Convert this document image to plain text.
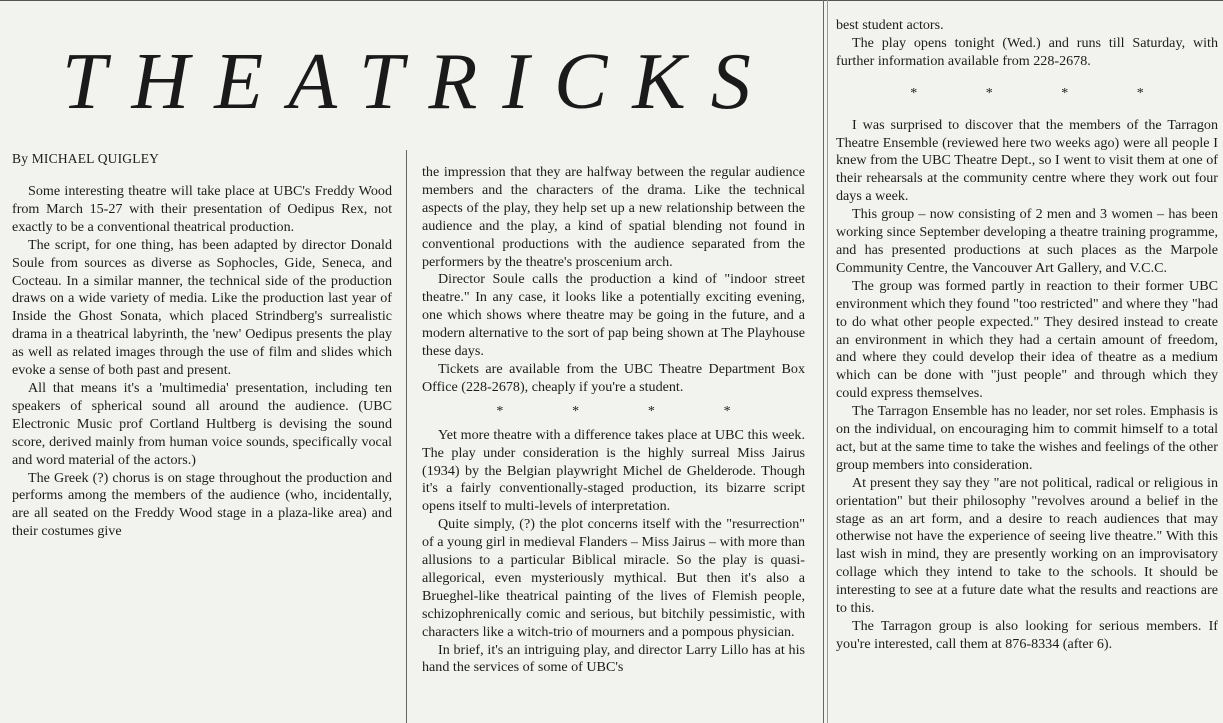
THEATRICKS
By MICHAEL QUIGLEY

Some interesting theatre will take place at UBC's Freddy Wood from March 15-27 with their presentation of Oedipus Rex, not exactly to be a conventional theatrical production.

The script, for one thing, has been adapted by director Donald Soule from sources as diverse as Sophocles, Gide, Seneca, and Cocteau. In a similar manner, the technical side of the production draws on a wide variety of media. Like the production last year of Inside the Ghost Sonata, which placed Strindberg's surrealistic drama in a theatrical labyrinth, the 'new' Oedipus presents the play as well as related images through the use of film and slides which evoke a sense of both past and present.

All that means it's a 'multimedia' presentation, including ten speakers of spherical sound all around the audience. (UBC Electronic Music prof Cortland Hultberg is devising the sound score, derived mainly from human voice sounds, specifically vocal and word material of the actors.)

The Greek (?) chorus is on stage throughout the production and performs among the members of the audience (who, incidentally, are all seated on the Freddy Wood stage in a plaza-like area) and their costumes give

the impression that they are halfway between the regular audience members and the characters of the drama. Like the technical aspects of the play, they help set up a new relationship between the audience and the play, a kind of spatial blending not found in conventional productions with the audience separated from the performers by the theatre's proscenium arch.

Director Soule calls the production a kind of "indoor street theatre." In any case, it looks like a potentially exciting evening, one which shows where theatre may be going in the future, and a modern alternative to the sort of pap being shown at The Playhouse these days.

Tickets are available from the UBC Theatre Department Box Office (228-2678), cheaply if you're a student.

*	*	*	*

Yet more theatre with a difference takes place at UBC this week. The play under consideration is the highly surreal Miss Jairus (1934) by the Belgian playwright Michel de Ghelderode. Though it's a fairly conventionally-staged production, its bizarre script opens itself to multi-levels of interpretation.

Quite simply, (?) the plot concerns itself with the "resurrection" of a young girl in medieval Flanders – Miss Jairus – with more than allusions to a particular Biblical miracle. So the play is quasi-allegorical, even mysteriously mythical. But then it's also a Brueghel-like theatrical painting of the lives of Flemish people, schizophrenically comic and serious, but bitchily pessimistic, with characters like a witch-trio of mourners and a pompous physician.

In brief, it's an intriguing play, and director Larry Lillo has at his hand the services of some of UBC's

best student actors.

The play opens tonight (Wed.) and runs till Saturday, with further information available from 228-2678.

*	*	*	*

I was surprised to discover that the members of the Tarragon Theatre Ensemble (reviewed here two weeks ago) were all people I knew from the UBC Theatre Dept., so I went to visit them at one of their rehearsals at the community centre where they work out four days a week.

This group – now consisting of 2 men and 3 women – has been working since September developing a theatre training programme, and has presented productions at such places as the Marpole Community Centre, the Vancouver Art Gallery, and V.C.C.

The group was formed partly in reaction to their former UBC environment which they found "too restricted" and where they "had to do what other people expected." They desired instead to create an environment in which they had a certain amount of freedom, and where they could develop their idea of theatre as a medium which can be done with "just people" and through which they could express themselves.

The Tarragon Ensemble has no leader, nor set roles. Emphasis is on the individual, on encouraging him to commit himself to a total act, but at the same time to take the wishes and feelings of the other group members into consideration.

At present they say they "are not political, radical or religious in orientation" but their philosophy "revolves around a belief in the stage as an art form, and a desire to reach audiences that may otherwise not have the experience of seeing live theatre." With this last wish in mind, they are presently working on an improvisatory collage which they intend to take to the schools. It should be interesting to see at a future date what the results and reactions are to this.

The Tarragon group is also looking for serious members. If you're interested, call them at 876-8334 (after 6).
